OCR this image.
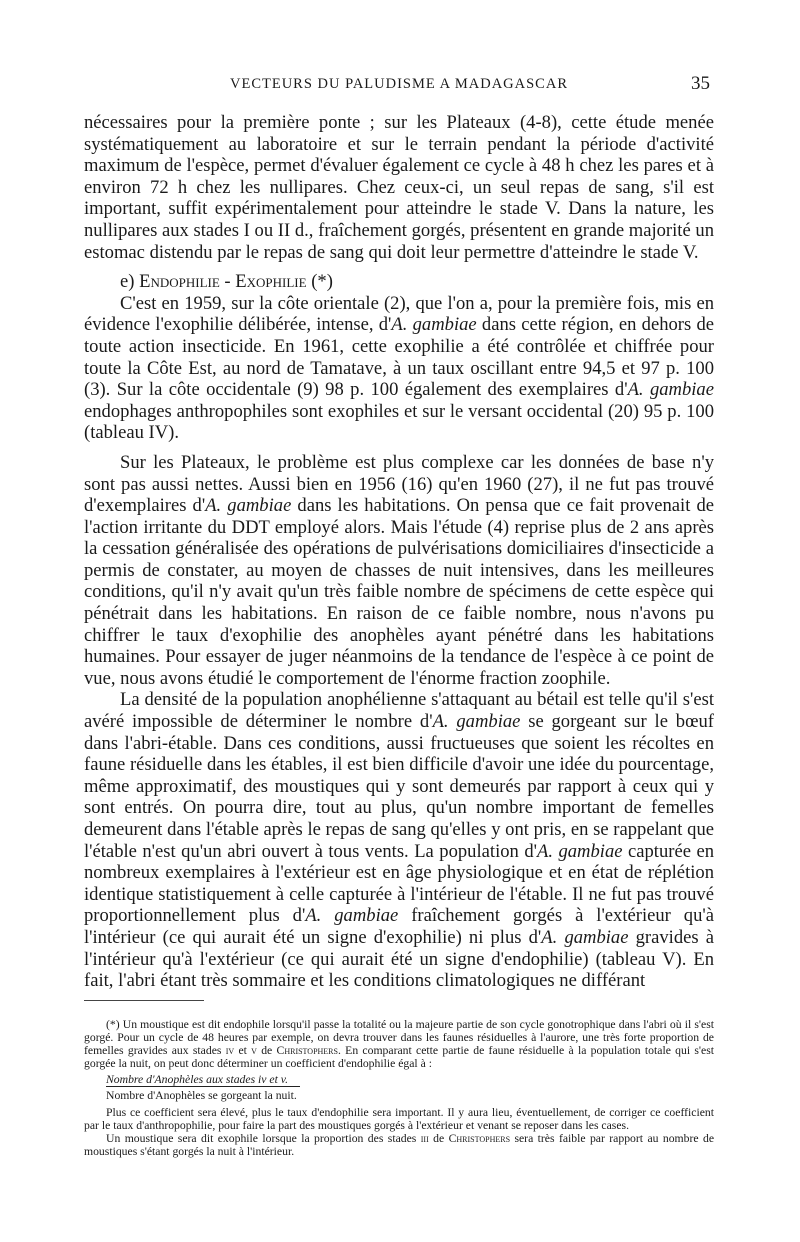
VECTEURS DU PALUDISME A MADAGASCAR	35

nécessaires pour la première ponte ; sur les Plateaux (4-8), cette étude menée systématiquement au laboratoire et sur le terrain pendant la période d'activité maximum de l'espèce, permet d'évaluer également ce cycle à 48 h chez les pares et à environ 72 h chez les nullipares. Chez ceux-ci, un seul repas de sang, s'il est important, suffit expérimentalement pour atteindre le stade V. Dans la nature, les nullipares aux stades I ou II d., fraîchement gorgés, présentent en grande majorité un estomac distendu par le repas de sang qui doit leur permettre d'atteindre le stade V.

e) Endophilie - Exophilie (*)

C'est en 1959, sur la côte orientale (2), que l'on a, pour la première fois, mis en évidence l'exophilie délibérée, intense, d'A. gambiae dans cette région, en dehors de toute action insecticide. En 1961, cette exophilie a été contrôlée et chiffrée pour toute la Côte Est, au nord de Tamatave, à un taux oscillant entre 94,5 et 97 p. 100 (3). Sur la côte occidentale (9) 98 p. 100 également des exemplaires d'A. gambiae endophages anthropophiles sont exophiles et sur le versant occidental (20) 95 p. 100 (tableau IV).

Sur les Plateaux, le problème est plus complexe car les données de base n'y sont pas aussi nettes. Aussi bien en 1956 (16) qu'en 1960 (27), il ne fut pas trouvé d'exemplaires d'A. gambiae dans les habitations. On pensa que ce fait provenait de l'action irritante du DDT employé alors. Mais l'étude (4) reprise plus de 2 ans après la cessation généralisée des opérations de pulvérisations domiciliaires d'insecticide a permis de constater, au moyen de chasses de nuit intensives, dans les meilleures conditions, qu'il n'y avait qu'un très faible nombre de spécimens de cette espèce qui pénétrait dans les habitations. En raison de ce faible nombre, nous n'avons pu chiffrer le taux d'exophilie des anophèles ayant pénétré dans les habitations humaines. Pour essayer de juger néanmoins de la tendance de l'espèce à ce point de vue, nous avons étudié le comportement de l'énorme fraction zoophile.

La densité de la population anophélienne s'attaquant au bétail est telle qu'il s'est avéré impossible de déterminer le nombre d'A. gambiae se gorgeant sur le bœuf dans l'abri-étable. Dans ces conditions, aussi fructueuses que soient les récoltes en faune résiduelle dans les étables, il est bien difficile d'avoir une idée du pourcentage, même approximatif, des moustiques qui y sont demeurés par rapport à ceux qui y sont entrés. On pourra dire, tout au plus, qu'un nombre important de femelles demeurent dans l'étable après le repas de sang qu'elles y ont pris, en se rappelant que l'étable n'est qu'un abri ouvert à tous vents. La population d'A. gambiae capturée en nombreux exemplaires à l'extérieur est en âge physiologique et en état de réplétion identique statistiquement à celle capturée à l'intérieur de l'étable. Il ne fut pas trouvé proportionnellement plus d'A. gambiae fraîchement gorgés à l'extérieur qu'à l'intérieur (ce qui aurait été un signe d'exophilie) ni plus d'A. gambiae gravides à l'intérieur qu'à l'extérieur (ce qui aurait été un signe d'endophilie) (tableau V). En fait, l'abri étant très sommaire et les conditions climatologiques ne différant

(*) Un moustique est dit endophile lorsqu'il passe la totalité ou la majeure partie de son cycle gonotrophique dans l'abri où il s'est gorgé. Pour un cycle de 48 heures par exemple, on devra trouver dans les faunes résiduelles à l'aurore, une très forte proportion de femelles gravides aux stades iv et v de Christophers. En comparant cette partie de faune résiduelle à la population totale qui s'est gorgée la nuit, on peut donc déterminer un coefficient d'endophilie égal à :

Nombre d'Anophèles aux stades iv et v.
Nombre d'Anophèles se gorgeant la nuit.

Plus ce coefficient sera élevé, plus le taux d'endophilie sera important. Il y aura lieu, éventuellement, de corriger ce coefficient par le taux d'anthropophilie, pour faire la part des moustiques gorgés à l'extérieur et venant se reposer dans les cases.

Un moustique sera dit exophile lorsque la proportion des stades iii de Christophers sera très faible par rapport au nombre de moustiques s'étant gorgés la nuit à l'intérieur.
